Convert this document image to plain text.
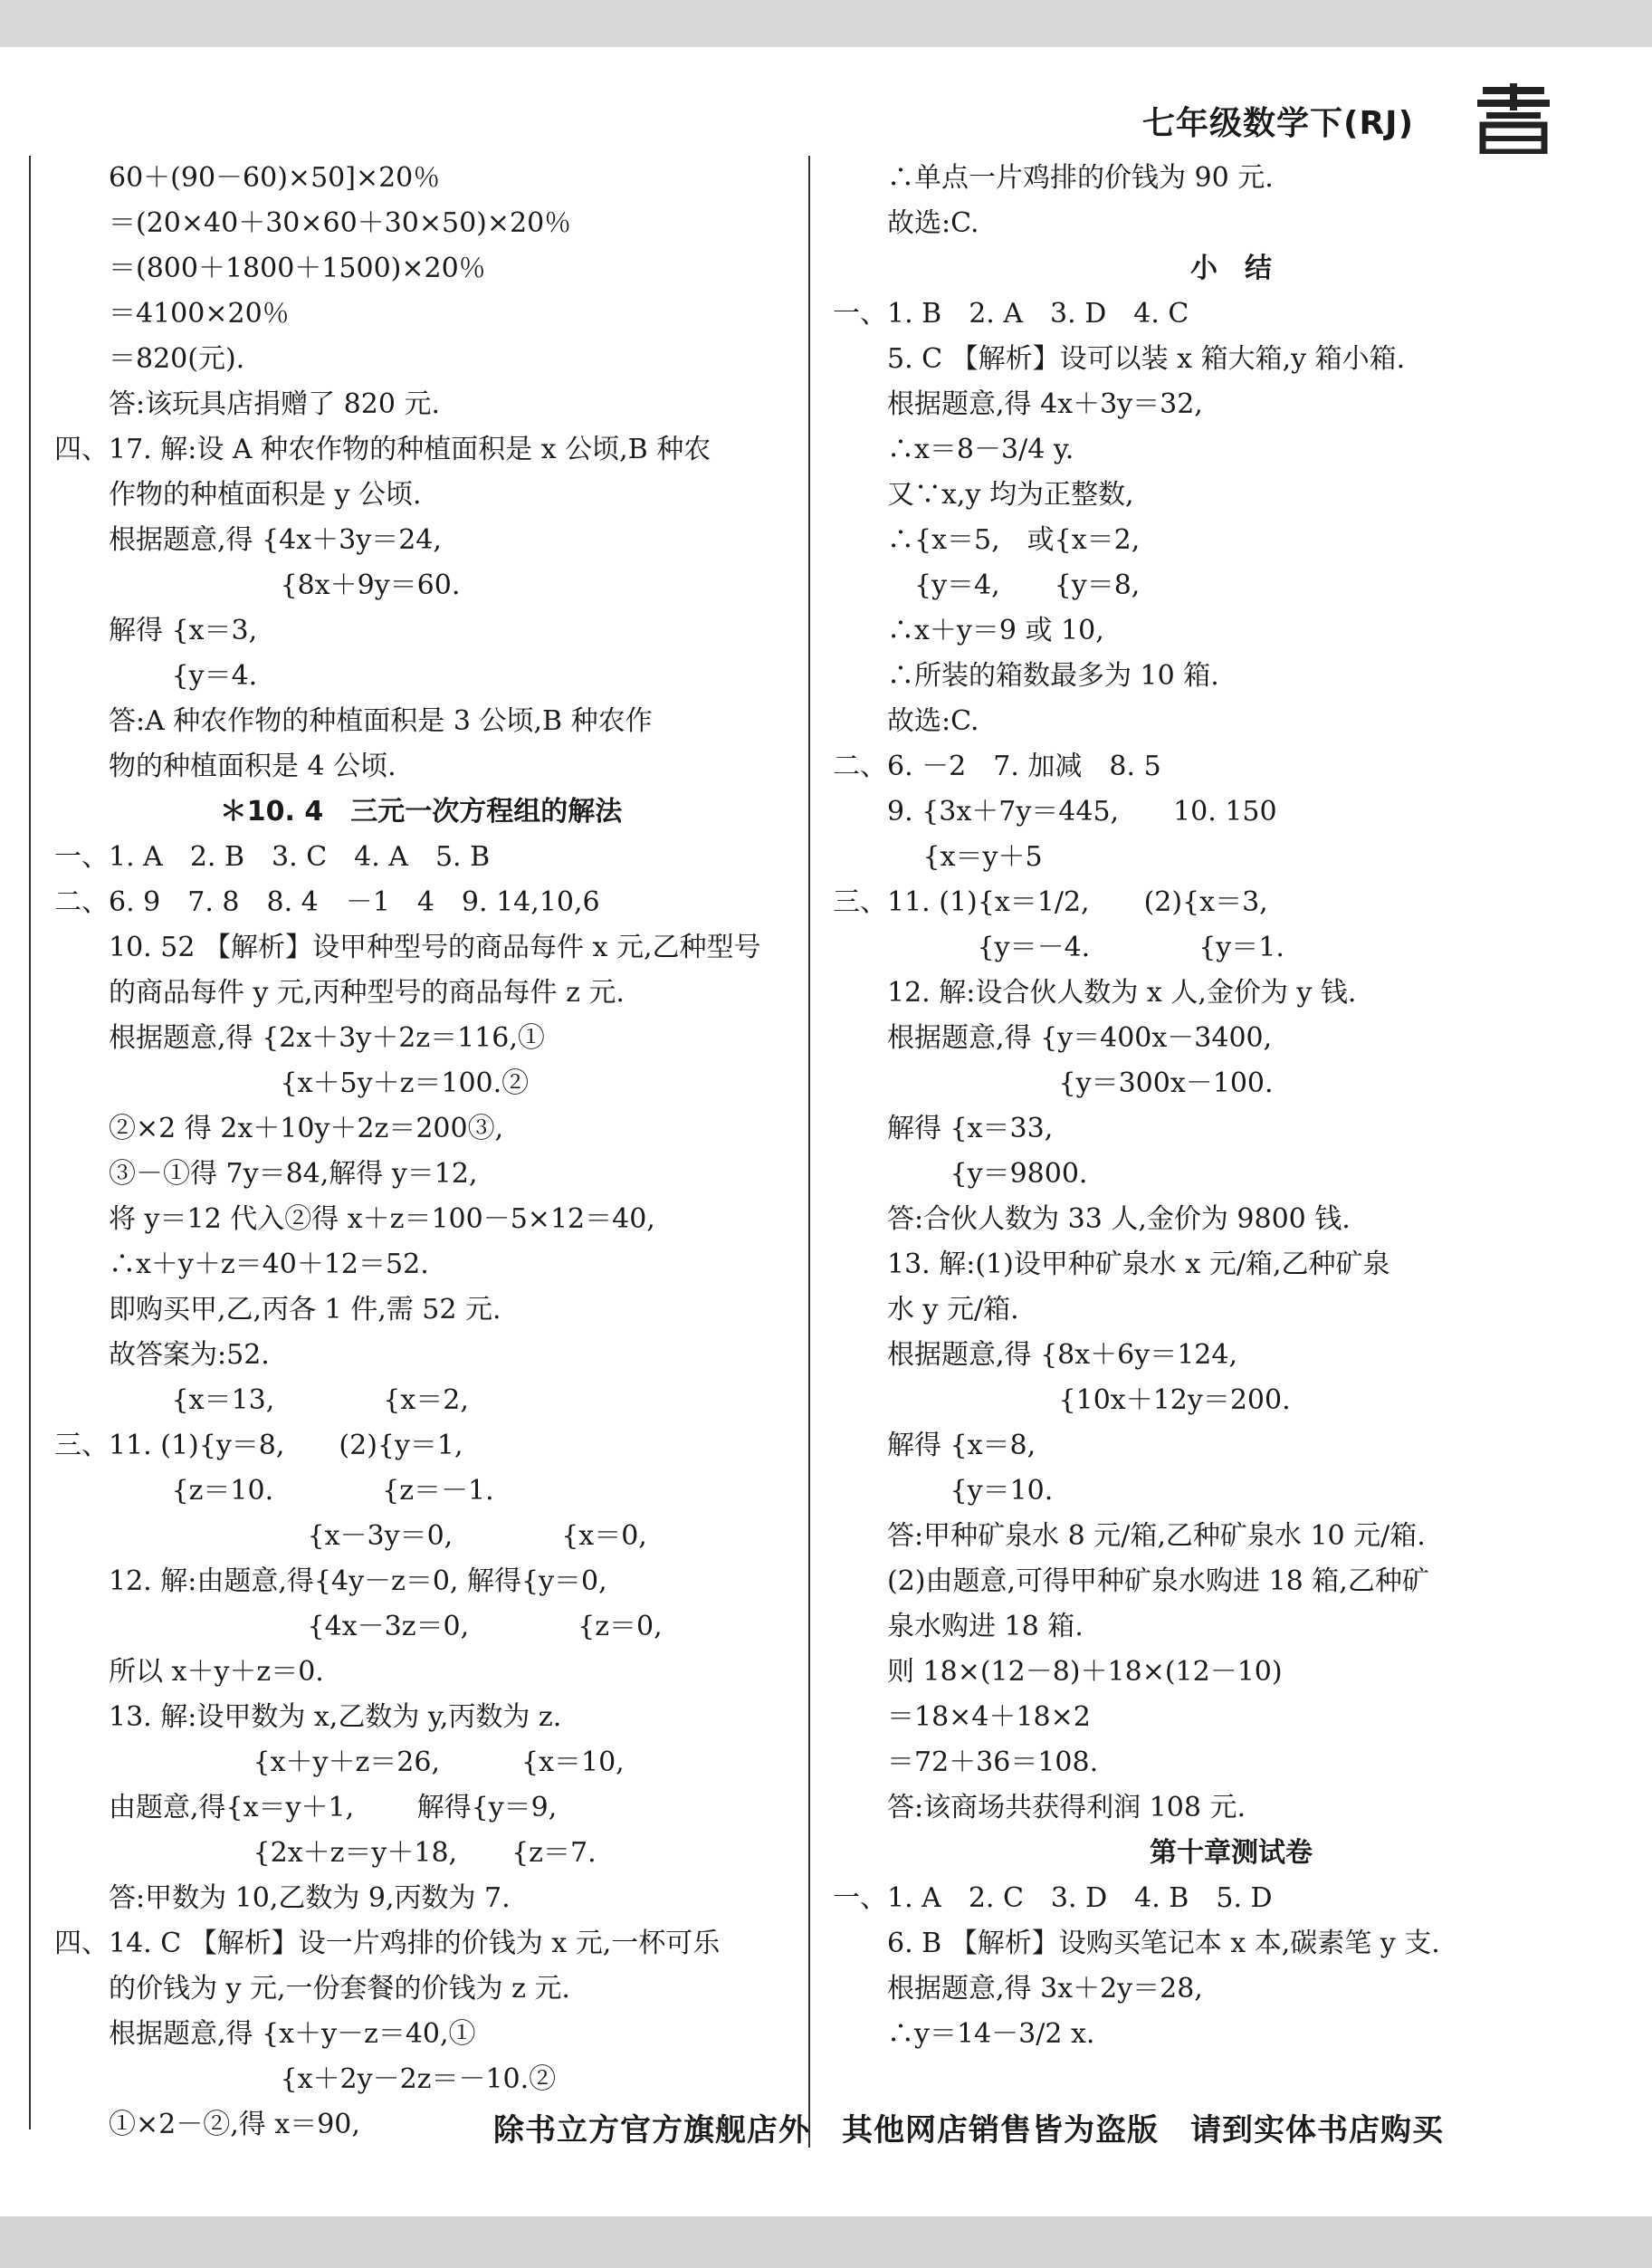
七年级数学下(RJ)
　　60＋(90－60)×50]×20％
　　＝(20×40＋30×60＋30×50)×20％
　　＝(800＋1800＋1500)×20％
　　＝4100×20％
　　＝820(元).
　　答:该玩具店捐赠了 820 元.
四、17. 解:设 A 种农作物的种植面积是 x 公顷,B 种农
　　作物的种植面积是 y 公顷.
　　根据题意,得 {4x＋3y＝24,
　　　　　　　　 {8x＋9y＝60.
　　解得 {x＝3,
　　　　 {y＝4.
　　答:A 种农作物的种植面积是 3 公顷,B 种农作
　　物的种植面积是 4 公顷.
＊10. 4　三元一次方程组的解法
一、1. A　2. B　3. C　4. A　5. B
二、6. 9　7. 8　8. 4　－1　4　9. 14,10,6
　　10. 52 【解析】设甲种型号的商品每件 x 元,乙种型号
　　的商品每件 y 元,丙种型号的商品每件 z 元.
　　根据题意,得 {2x＋3y＋2z＝116,①
　　　　　　　　 {x＋5y＋z＝100.②
　　②×2 得 2x＋10y＋2z＝200③,
　　③－①得 7y＝84,解得 y＝12,
　　将 y＝12 代入②得 x＋z＝100－5×12＝40,
　　∴x＋y＋z＝40＋12＝52.
　　即购买甲,乙,丙各 1 件,需 52 元.
　　故答案为:52.
　　　　 {x＝13,　　　　{x＝2,
三、11. (1){y＝8,　　(2){y＝1,
　　　　 {z＝10.　　　　{z＝－1.
　　　　　　　　　 {x－3y＝0,　　　　{x＝0,
　　12. 解:由题意,得{4y－z＝0, 解得{y＝0,
　　　　　　　　　 {4x－3z＝0,　　　　{z＝0,
　　所以 x＋y＋z＝0.
　　13. 解:设甲数为 x,乙数为 y,丙数为 z.
　　　　　　　 {x＋y＋z＝26,　　　{x＝10,
　　由题意,得{x＝y＋1,　　 解得{y＝9,
　　　　　　　 {2x＋z＝y＋18,　　{z＝7.
　　答:甲数为 10,乙数为 9,丙数为 7.
四、14. C 【解析】设一片鸡排的价钱为 x 元,一杯可乐
　　的价钱为 y 元,一份套餐的价钱为 z 元.
　　根据题意,得 {x＋y－z＝40,①
　　　　　　　　 {x＋2y－2z＝－10.②
　　①×2－②,得 x＝90,
　　∴单点一片鸡排的价钱为 90 元.
　　故选:C.
小　结
一、1. B　2. A　3. D　4. C
　　5. C 【解析】设可以装 x 箱大箱,y 箱小箱.
　　根据题意,得 4x＋3y＝32,
　　∴x＝8－3/4 y.
　　又∵x,y 均为正整数,
　　∴{x＝5,　或{x＝2,
　　　{y＝4,　　{y＝8,
　　∴x＋y＝9 或 10,
　　∴所装的箱数最多为 10 箱.
　　故选:C.
二、6. －2　7. 加减　8. 5
　　9. {3x＋7y＝445,　　10. 150
　　　 {x＝y＋5
三、11. (1){x＝1/2,　　(2){x＝3,
　　　　　 {y＝－4.　　　　{y＝1.
　　12. 解:设合伙人数为 x 人,金价为 y 钱.
　　根据题意,得 {y＝400x－3400,
　　　　　　　　 {y＝300x－100.
　　解得 {x＝33,
　　　　 {y＝9800.
　　答:合伙人数为 33 人,金价为 9800 钱.
　　13. 解:(1)设甲种矿泉水 x 元/箱,乙种矿泉
　　水 y 元/箱.
　　根据题意,得 {8x＋6y＝124,
　　　　　　　　 {10x＋12y＝200.
　　解得 {x＝8,
　　　　 {y＝10.
　　答:甲种矿泉水 8 元/箱,乙种矿泉水 10 元/箱.
　　(2)由题意,可得甲种矿泉水购进 18 箱,乙种矿
　　泉水购进 18 箱.
　　则 18×(12－8)＋18×(12－10)
　　＝18×4＋18×2
　　＝72＋36＝108.
　　答:该商场共获得利润 108 元.
第十章测试卷
一、1. A　2. C　3. D　4. B　5. D
　　6. B 【解析】设购买笔记本 x 本,碳素笔 y 支.
　　根据题意,得 3x＋2y＝28,
　　∴y＝14－3/2 x.
除书立方官方旗舰店外　其他网店销售皆为盗版　请到实体书店购买
